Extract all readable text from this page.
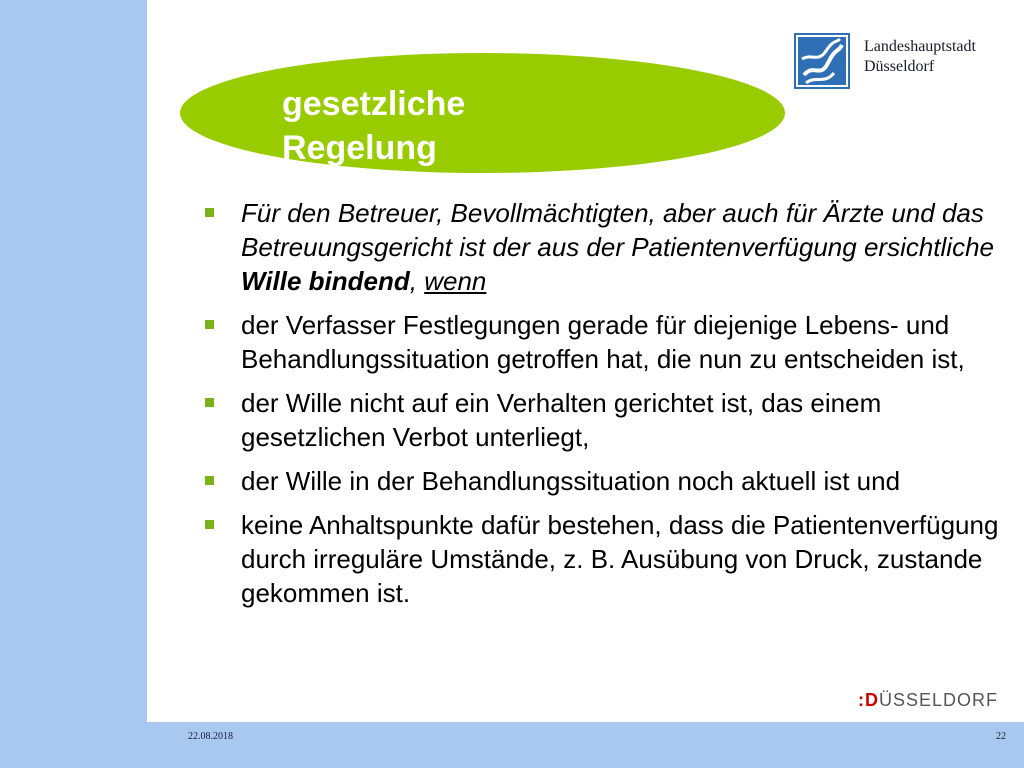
gesetzliche
Regelung
Landeshauptstadt
Düsseldorf
Für den Betreuer, Bevollmächtigten, aber auch für Ärzte und das Betreuungsgericht ist der aus der Patientenverfügung ersichtliche Wille bindend, wenn
der Verfasser Festlegungen gerade für diejenige Lebens- und Behandlungssituation getroffen hat, die nun zu entscheiden ist,
der Wille nicht auf ein Verhalten gerichtet ist, das einem gesetzlichen Verbot unterliegt,
der Wille in der Behandlungssituation noch aktuell ist und
keine Anhaltspunkte dafür bestehen, dass die Patientenverfügung durch irreguläre Umstände, z. B. Ausübung von Druck, zustande gekommen ist.
:DÜSSELDORF
22.08.2018	22
